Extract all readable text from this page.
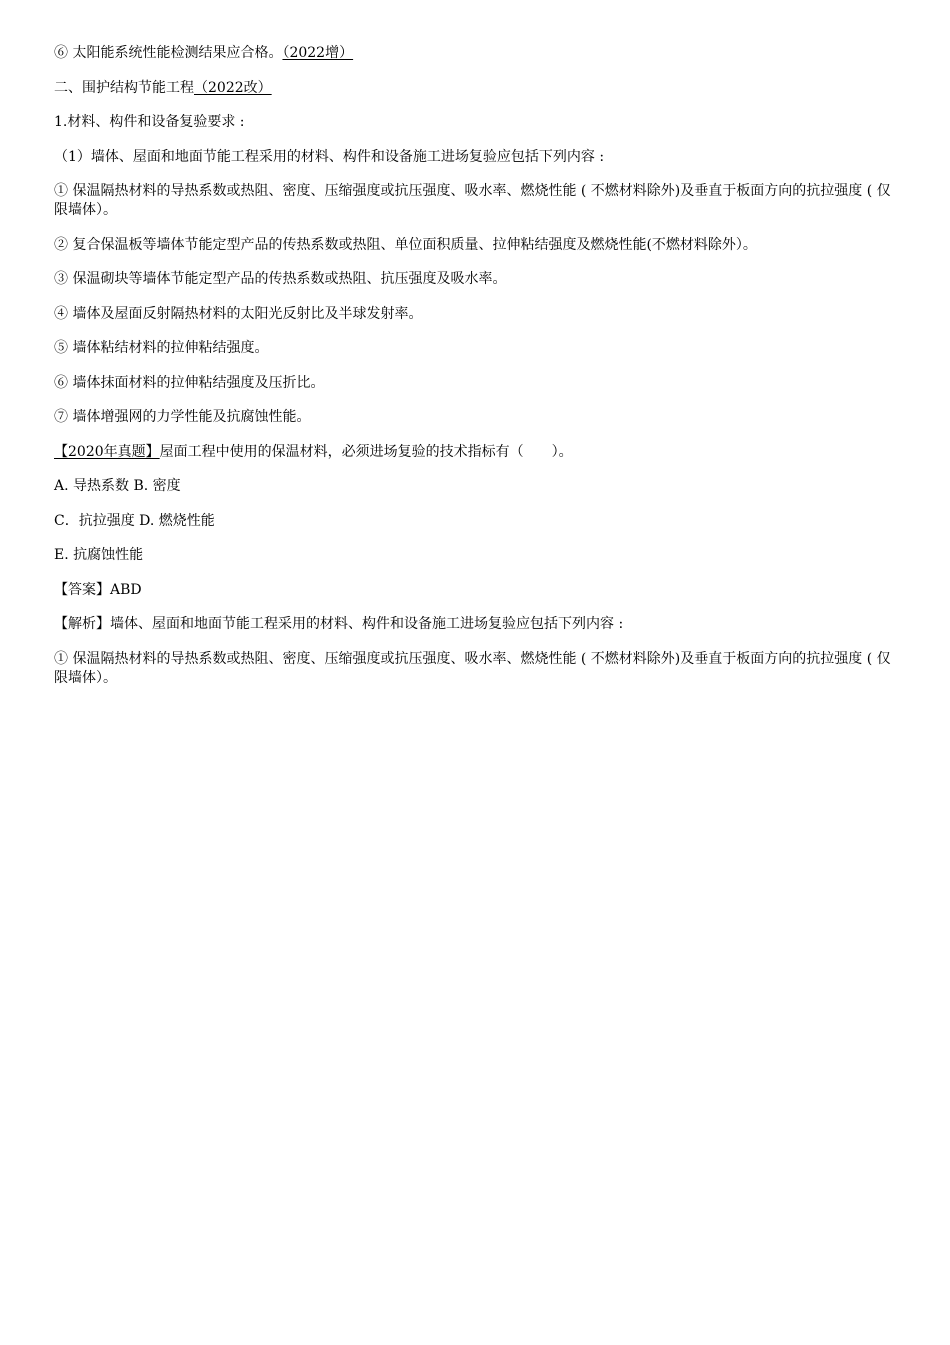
⑥ 太阳能系统性能检测结果应合格。（2022增）

二、围护结构节能工程（2022改）

1.材料、构件和设备复验要求 :

（1）墙体、屋面和地面节能工程采用的材料、构件和设备施工进场复验应包括下列内容 :

① 保温隔热材料的导热系数或热阻、密度、压缩强度或抗压强度、吸水率、燃烧性能 ( 不燃材料除外)及垂直于板面方向的抗拉强度 ( 仅限墙体）。

② 复合保温板等墙体节能定型产品的传热系数或热阻、单位面积质量、拉伸粘结强度及燃烧性能(不燃材料除外）。

③ 保温砌块等墙体节能定型产品的传热系数或热阻、抗压强度及吸水率。

④ 墙体及屋面反射隔热材料的太阳光反射比及半球发射率。

⑤ 墙体粘结材料的拉伸粘结强度。

⑥ 墙体抹面材料的拉伸粘结强度及压折比。

⑦ 墙体增强网的力学性能及抗腐蚀性能。

【2020年真题】屋面工程中使用的保温材料，必须进场复验的技术指标有（　　）。

A. 导热系数 B. 密度

C．抗拉强度 D. 燃烧性能

E. 抗腐蚀性能

【答案】ABD

【解析】墙体、屋面和地面节能工程采用的材料、构件和设备施工进场复验应包括下列内容 :

① 保温隔热材料的导热系数或热阻、密度、压缩强度或抗压强度、吸水率、燃烧性能 ( 不燃材料除外)及垂直于板面方向的抗拉强度 ( 仅限墙体）。
